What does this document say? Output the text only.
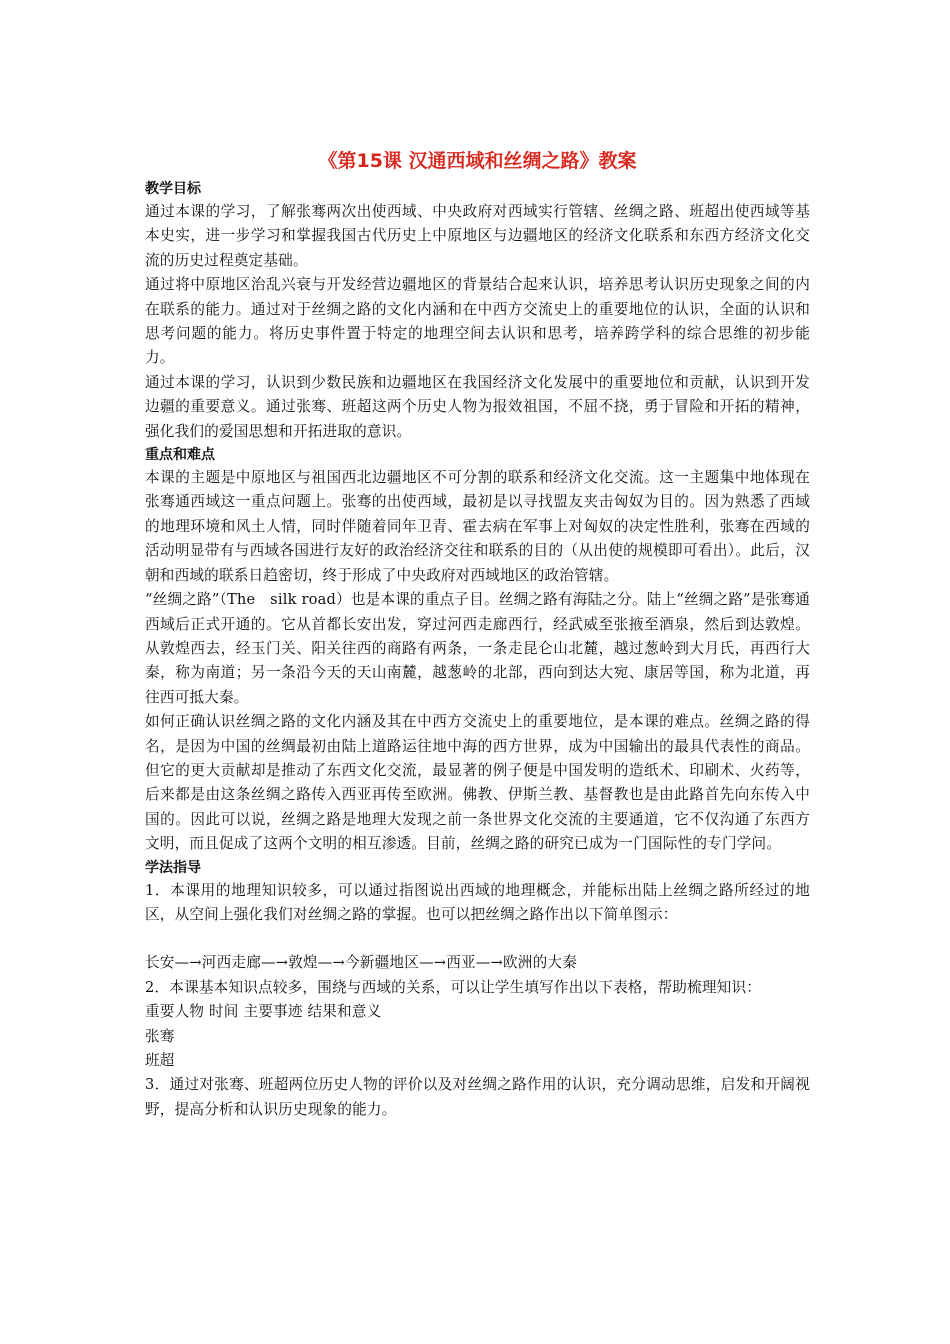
《第15课 汉通西域和丝绸之路》教案

教学目标

通过本课的学习，了解张骞两次出使西域、中央政府对西域实行管辖、丝绸之路、班超出使西域等基本史实，进一步学习和掌握我国古代历史上中原地区与边疆地区的经济文化联系和东西方经济文化交流的历史过程奠定基础。

通过将中原地区治乱兴衰与开发经营边疆地区的背景结合起来认识，培养思考认识历史现象之间的内在联系的能力。通过对于丝绸之路的文化内涵和在中西方交流史上的重要地位的认识，全面的认识和思考问题的能力。将历史事件置于特定的地理空间去认识和思考，培养跨学科的综合思维的初步能力。

通过本课的学习，认识到少数民族和边疆地区在我国经济文化发展中的重要地位和贡献，认识到开发边疆的重要意义。通过张骞、班超这两个历史人物为报效祖国，不屈不挠，勇于冒险和开拓的精神，强化我们的爱国思想和开拓进取的意识。

重点和难点

本课的主题是中原地区与祖国西北边疆地区不可分割的联系和经济文化交流。这一主题集中地体现在张骞通西域这一重点问题上。张骞的出使西域，最初是以寻找盟友夹击匈奴为目的。因为熟悉了西域的地理环境和风土人情，同时伴随着同年卫青、霍去病在军事上对匈奴的决定性胜利，张骞在西域的活动明显带有与西域各国进行友好的政治经济交往和联系的目的（从出使的规模即可看出）。此后，汉朝和西域的联系日趋密切，终于形成了中央政府对西域地区的政治管辖。

“丝绸之路”（The　silk road）也是本课的重点子目。丝绸之路有海陆之分。陆上“丝绸之路”是张骞通西域后正式开通的。它从首都长安出发，穿过河西走廊西行，经武威至张掖至酒泉，然后到达敦煌。从敦煌西去，经玉门关、阳关往西的商路有两条，一条走昆仑山北麓，越过葱岭到大月氏，再西行大秦，称为南道；另一条沿今天的天山南麓，越葱岭的北部，西向到达大宛、康居等国，称为北道，再往西可抵大秦。

如何正确认识丝绸之路的文化内涵及其在中西方交流史上的重要地位，是本课的难点。丝绸之路的得名，是因为中国的丝绸最初由陆上道路运往地中海的西方世界，成为中国输出的最具代表性的商品。但它的更大贡献却是推动了东西文化交流，最显著的例子便是中国发明的造纸术、印刷术、火药等，后来都是由这条丝绸之路传入西亚再传至欧洲。佛教、伊斯兰教、基督教也是由此路首先向东传入中国的。因此可以说，丝绸之路是地理大发现之前一条世界文化交流的主要通道，它不仅沟通了东西方文明，而且促成了这两个文明的相互渗透。目前，丝绸之路的研究已成为一门国际性的专门学问。

学法指导

1．本课用的地理知识较多，可以通过指图说出西域的地理概念，并能标出陆上丝绸之路所经过的地区，从空间上强化我们对丝绸之路的掌握。也可以把丝绸之路作出以下简单图示：

长安—→河西走廊—→敦煌—→今新疆地区—→西亚—→欧洲的大秦

2．本课基本知识点较多，围绕与西域的关系，可以让学生填写作出以下表格，帮助梳理知识：

重要人物 时间 主要事迹 结果和意义

张骞

班超

3．通过对张骞、班超两位历史人物的评价以及对丝绸之路作用的认识，充分调动思维，启发和开阔视野，提高分析和认识历史现象的能力。
